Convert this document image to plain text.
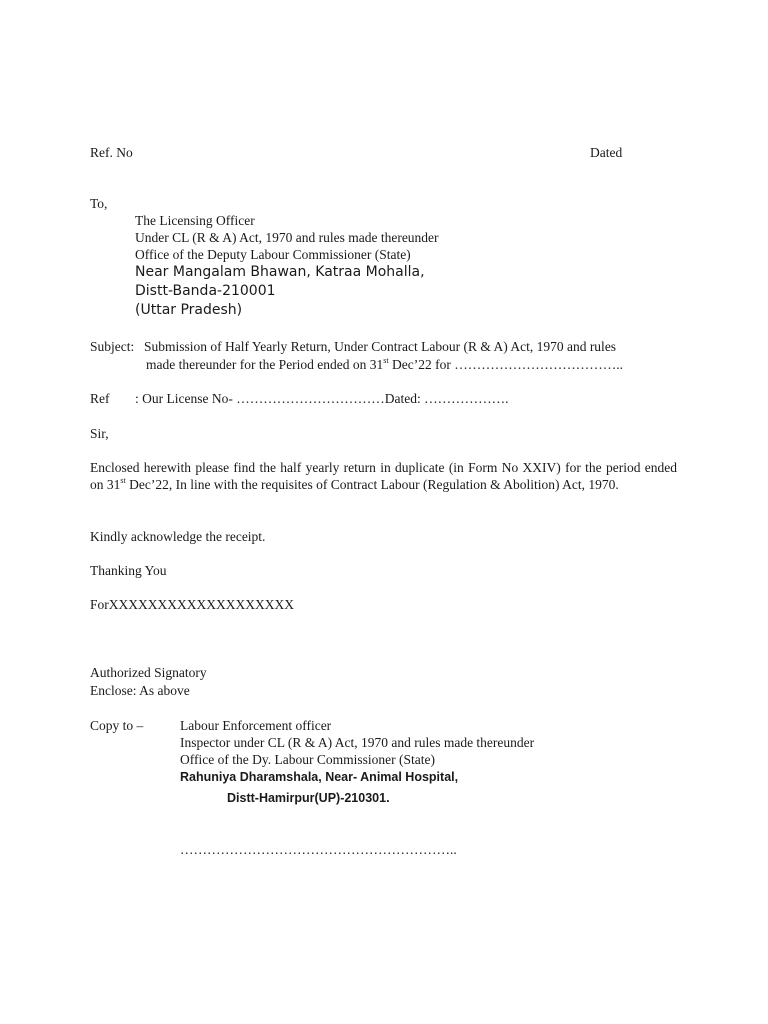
Ref. No	Dated
To,
The Licensing Officer
Under CL (R & A) Act, 1970 and rules made thereunder
Office of the Deputy Labour Commissioner (State)
Near Mangalam Bhawan, Katraa Mohalla,
Distt-Banda-210001
(Uttar Pradesh)
Subject: Submission of Half Yearly Return, Under Contract Labour (R & A) Act, 1970 and rules
made thereunder for the Period ended on 31st Dec’22 for ………………………………..
Ref : Our License No- ……………………………Dated: ……………….
Sir,
Enclosed herewith please find the half yearly return in duplicate (in Form No XXIV) for the period ended on 31st Dec’22, In line with the requisites of Contract Labour (Regulation & Abolition) Act, 1970.
Kindly acknowledge the receipt.
Thanking You
ForXXXXXXXXXXXXXXXXXXX
Authorized Signatory
Enclose: As above
Copy to –	Labour Enforcement officer
Inspector under CL (R & A) Act, 1970 and rules made thereunder
Office of the Dy. Labour Commissioner (State)
Rahuniya Dharamshala, Near- Animal Hospital,
Distt-Hamirpur(UP)-210301.
……………………………………………………..
